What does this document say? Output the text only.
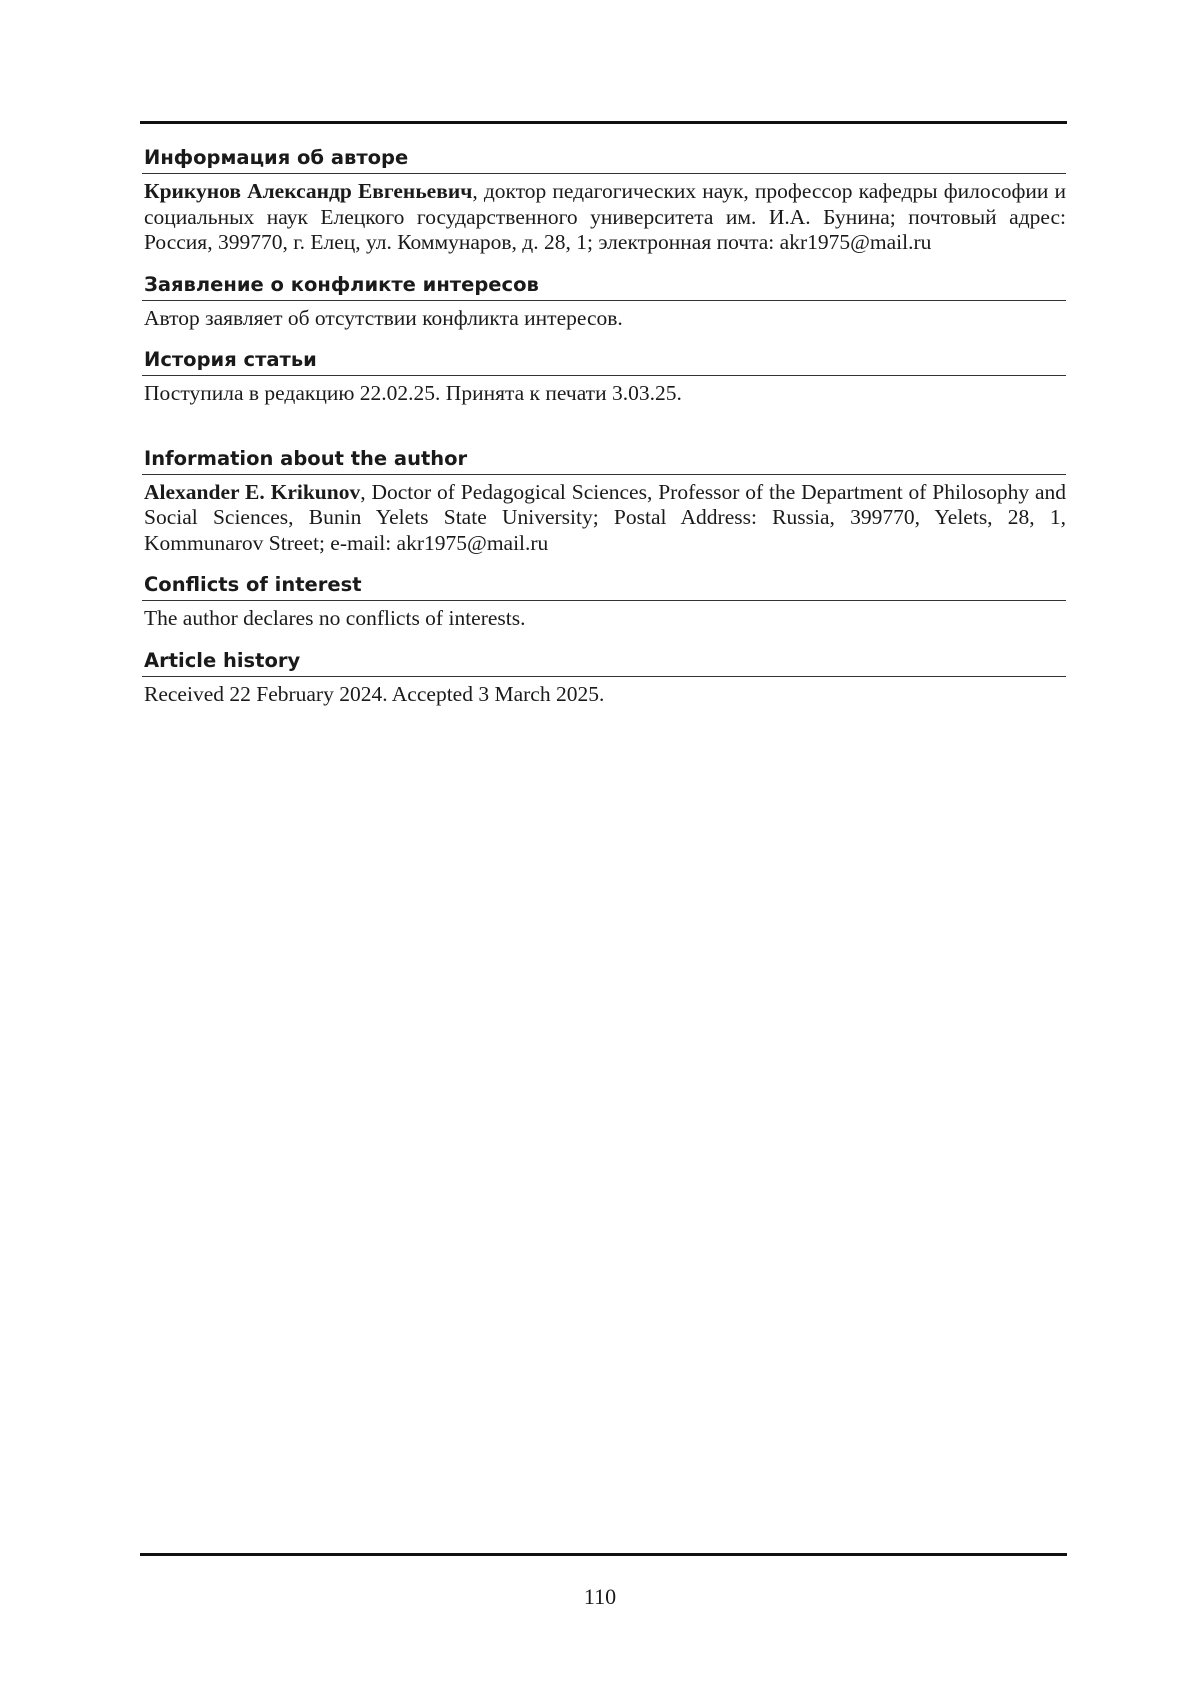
Информация об авторе
Крикунов Александр Евгеньевич, доктор педагогических наук, профессор кафедры философии и социальных наук Елецкого государственного университета им. И.А. Бунина; почтовый адрес: Россия, 399770, г. Елец, ул. Коммунаров, д. 28, 1; электронная почта: akr1975@mail.ru
Заявление о конфликте интересов
Автор заявляет об отсутствии конфликта интересов.
История статьи
Поступила в редакцию 22.02.25. Принята к печати 3.03.25.
Information about the author
Alexander E. Krikunov, Doctor of Pedagogical Sciences, Professor of the Department of Philosophy and Social Sciences, Bunin Yelets State University; Postal Address: Russia, 399770, Yelets, 28, 1, Kommunarov Street; e-mail: akr1975@mail.ru
Conflicts of interest
The author declares no conflicts of interests.
Article history
Received 22 February 2024. Accepted 3 March 2025.
110
